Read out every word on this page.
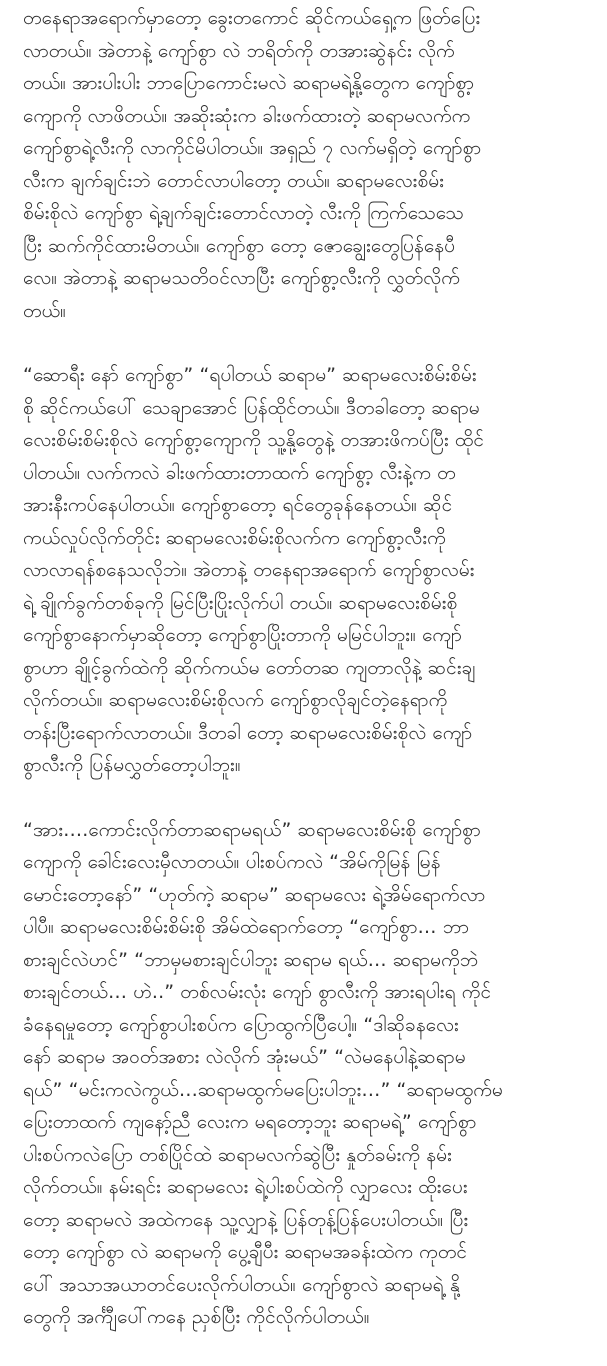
တနေရာအရောက်မှာတော့ ခွေးတကောင် ဆိုင်ကယ်ရှေ့က ဖြတ်ပြေး
လာတယ်။ အဲတာနဲ့ ကျော်စွာ လဲ ဘရိတ်ကို တအားဆွဲနင်း လိုက်
တယ်။ အားပါးပါး ဘာပြောကောင်းမလဲ ဆရာမရဲ့နို့တွေက ကျော်စွာ့
ကျောကို လာဖိတယ်။ အဆိုးဆုံးက ခါးဖက်ထားတဲ့ ဆရာမလက်က
ကျော်စွာရဲ့လီးကို လာကိုင်မိပါတယ်။ အရှည် ၇ လက်မရှိတဲ့ ကျော်စွာ
လီးက ချက်ချင်းဘဲ တောင်လာပါတော့ တယ်။ ဆရာမလေးစိမ်း
စိမ်းစိုလဲ ကျော်စွာ ရဲ့ချက်ချင်းတောင်လာတဲ့ လီးကို ကြက်သေသေ
ပြီး ဆက်ကိုင်ထားမိတယ်။ ကျော်စွာ တော့ ဇောချွေးတွေပြန်နေပီ
လေ။ အဲတာနဲ့ ဆရာမသတိဝင်လာပြီး ကျော်စွာ့လီးကို လွှတ်လိုက်
တယ်။
“ဆောရီး နော် ကျော်စွာ” “ရပါတယ် ဆရာမ” ဆရာမလေးစိမ်းစိမ်း
စို ဆိုင်ကယ်ပေါ် သေချာအောင် ပြန်ထိုင်တယ်။ ဒီတခါတော့ ဆရာမ
လေးစိမ်းစိမ်းစိုလဲ ကျော်စွာ့ကျောကို သူ့နို့တွေနဲ့ တအားဖိကပ်ပြီး ထိုင်
ပါတယ်။ လက်ကလဲ ခါးဖက်ထားတာထက် ကျော်စွာ့ လီးနဲ့က တ
အားနီးကပ်နေပါတယ်။ ကျော်စွာတော့ ရင်တွေခုန်နေတယ်။ ဆိုင်
ကယ်လှုပ်လိုက်တိုင်း ဆရာမလေးစိမ်းစိုလက်က ကျော်စွာ့လီးကို
လာလာရန်စနေသလိုဘဲ။ အဲတာနဲ့ တနေရာအရောက် ကျော်စွာလမ်း
ရဲ့ ချိုက်ခွက်တစ်ခုကို မြင်ပြီးပြိုးလိုက်ပါ တယ်။ ဆရာမလေးစိမ်းစို
ကျော်စွာနောက်မှာဆိုတော့ ကျော်စွာပြိုးတာကို မမြင်ပါဘူး။ ကျော်
စွာဟာ ချိုင့်ခွက်ထဲကို ဆိုက်ကယ်မ တော်တဆ ကျတာလိုနဲ့ ဆင်းချ
လိုက်တယ်။ ဆရာမလေးစိမ်းစိုလက် ကျော်စွာလိုချင်တဲ့နေရာကို
တန်းပြီးရောက်လာတယ်။ ဒီတခါ တော့ ဆရာမလေးစိမ်းစိုလဲ ကျော်
စွာလီးကို ပြန်မလွှတ်တော့ပါဘူး။
“အား….ကောင်းလိုက်တာဆရာမရယ်” ဆရာမလေးစိမ်းစို ကျော်စွာ
ကျောကို ခေါင်းလေးမှီလာတယ်။ ပါးစပ်ကလဲ “အိမ်ကိုမြန် မြန်
မောင်းတော့နော်” “ဟုတ်ကဲ့ ဆရာမ” ဆရာမလေး ရဲ့အိမ်ရောက်လာ
ပါပီ။ ဆရာမလေးစိမ်းစိမ်းစို အိမ်ထဲရောက်တော့ “ကျော်စွာ… ဘာ
စားချင်လဲဟင်” “ဘာမှမစားချင်ပါဘူး ဆရာမ ရယ်… ဆရာမကိုဘဲ
စားချင်တယ်… ဟဲ..” တစ်လမ်းလုံး ကျော် စွာလီးကို အားရပါးရ ကိုင်
ခံနေရမှုတော့ ကျော်စွာပါးစပ်က ပြောထွက်ပြီပေါ့။ “ဒါဆိုခနလေး
နော် ဆရာမ အဝတ်အစား လဲလိုက် အုံးမယ်” “လဲမနေပါနဲ့ဆရာမ
ရယ်” “မင်းကလဲကွယ်…ဆရာမထွက်မပြေးပါဘူး…” “ဆရာမထွက်မ
ပြေးတာထက် ကျနော့်ညီ လေးက မရတော့ဘူး ဆရာမရဲ့” ကျော်စွာ
ပါးစပ်ကလဲပြော တစ်ပြိုင်ထဲ ဆရာမလက်ဆွဲပြီး နှုတ်ခမ်းကို နမ်း
လိုက်တယ်။ နမ်းရင်း ဆရာမလေး ရဲ့ပါးစပ်ထဲကို လျှာလေး ထိုးပေး
တော့ ဆရာမလဲ အထဲကနေ သူ့လျှာနဲ့ ပြန်တုန့်ပြန်ပေးပါတယ်။ ပြီး
တော့ ကျော်စွာ လဲ ဆရာမကို ပွေ့ချီပီး ဆရာမအခန်းထဲက ကုတင်
ပေါ် အသာအယာတင်ပေးလိုက်ပါတယ်။ ကျော်စွာလဲ ဆရာမရဲ့ နို့
တွေကို အင်္ကျီပေါ်ကနေ ညှစ်ပြီး ကိုင်လိုက်ပါတယ်။
